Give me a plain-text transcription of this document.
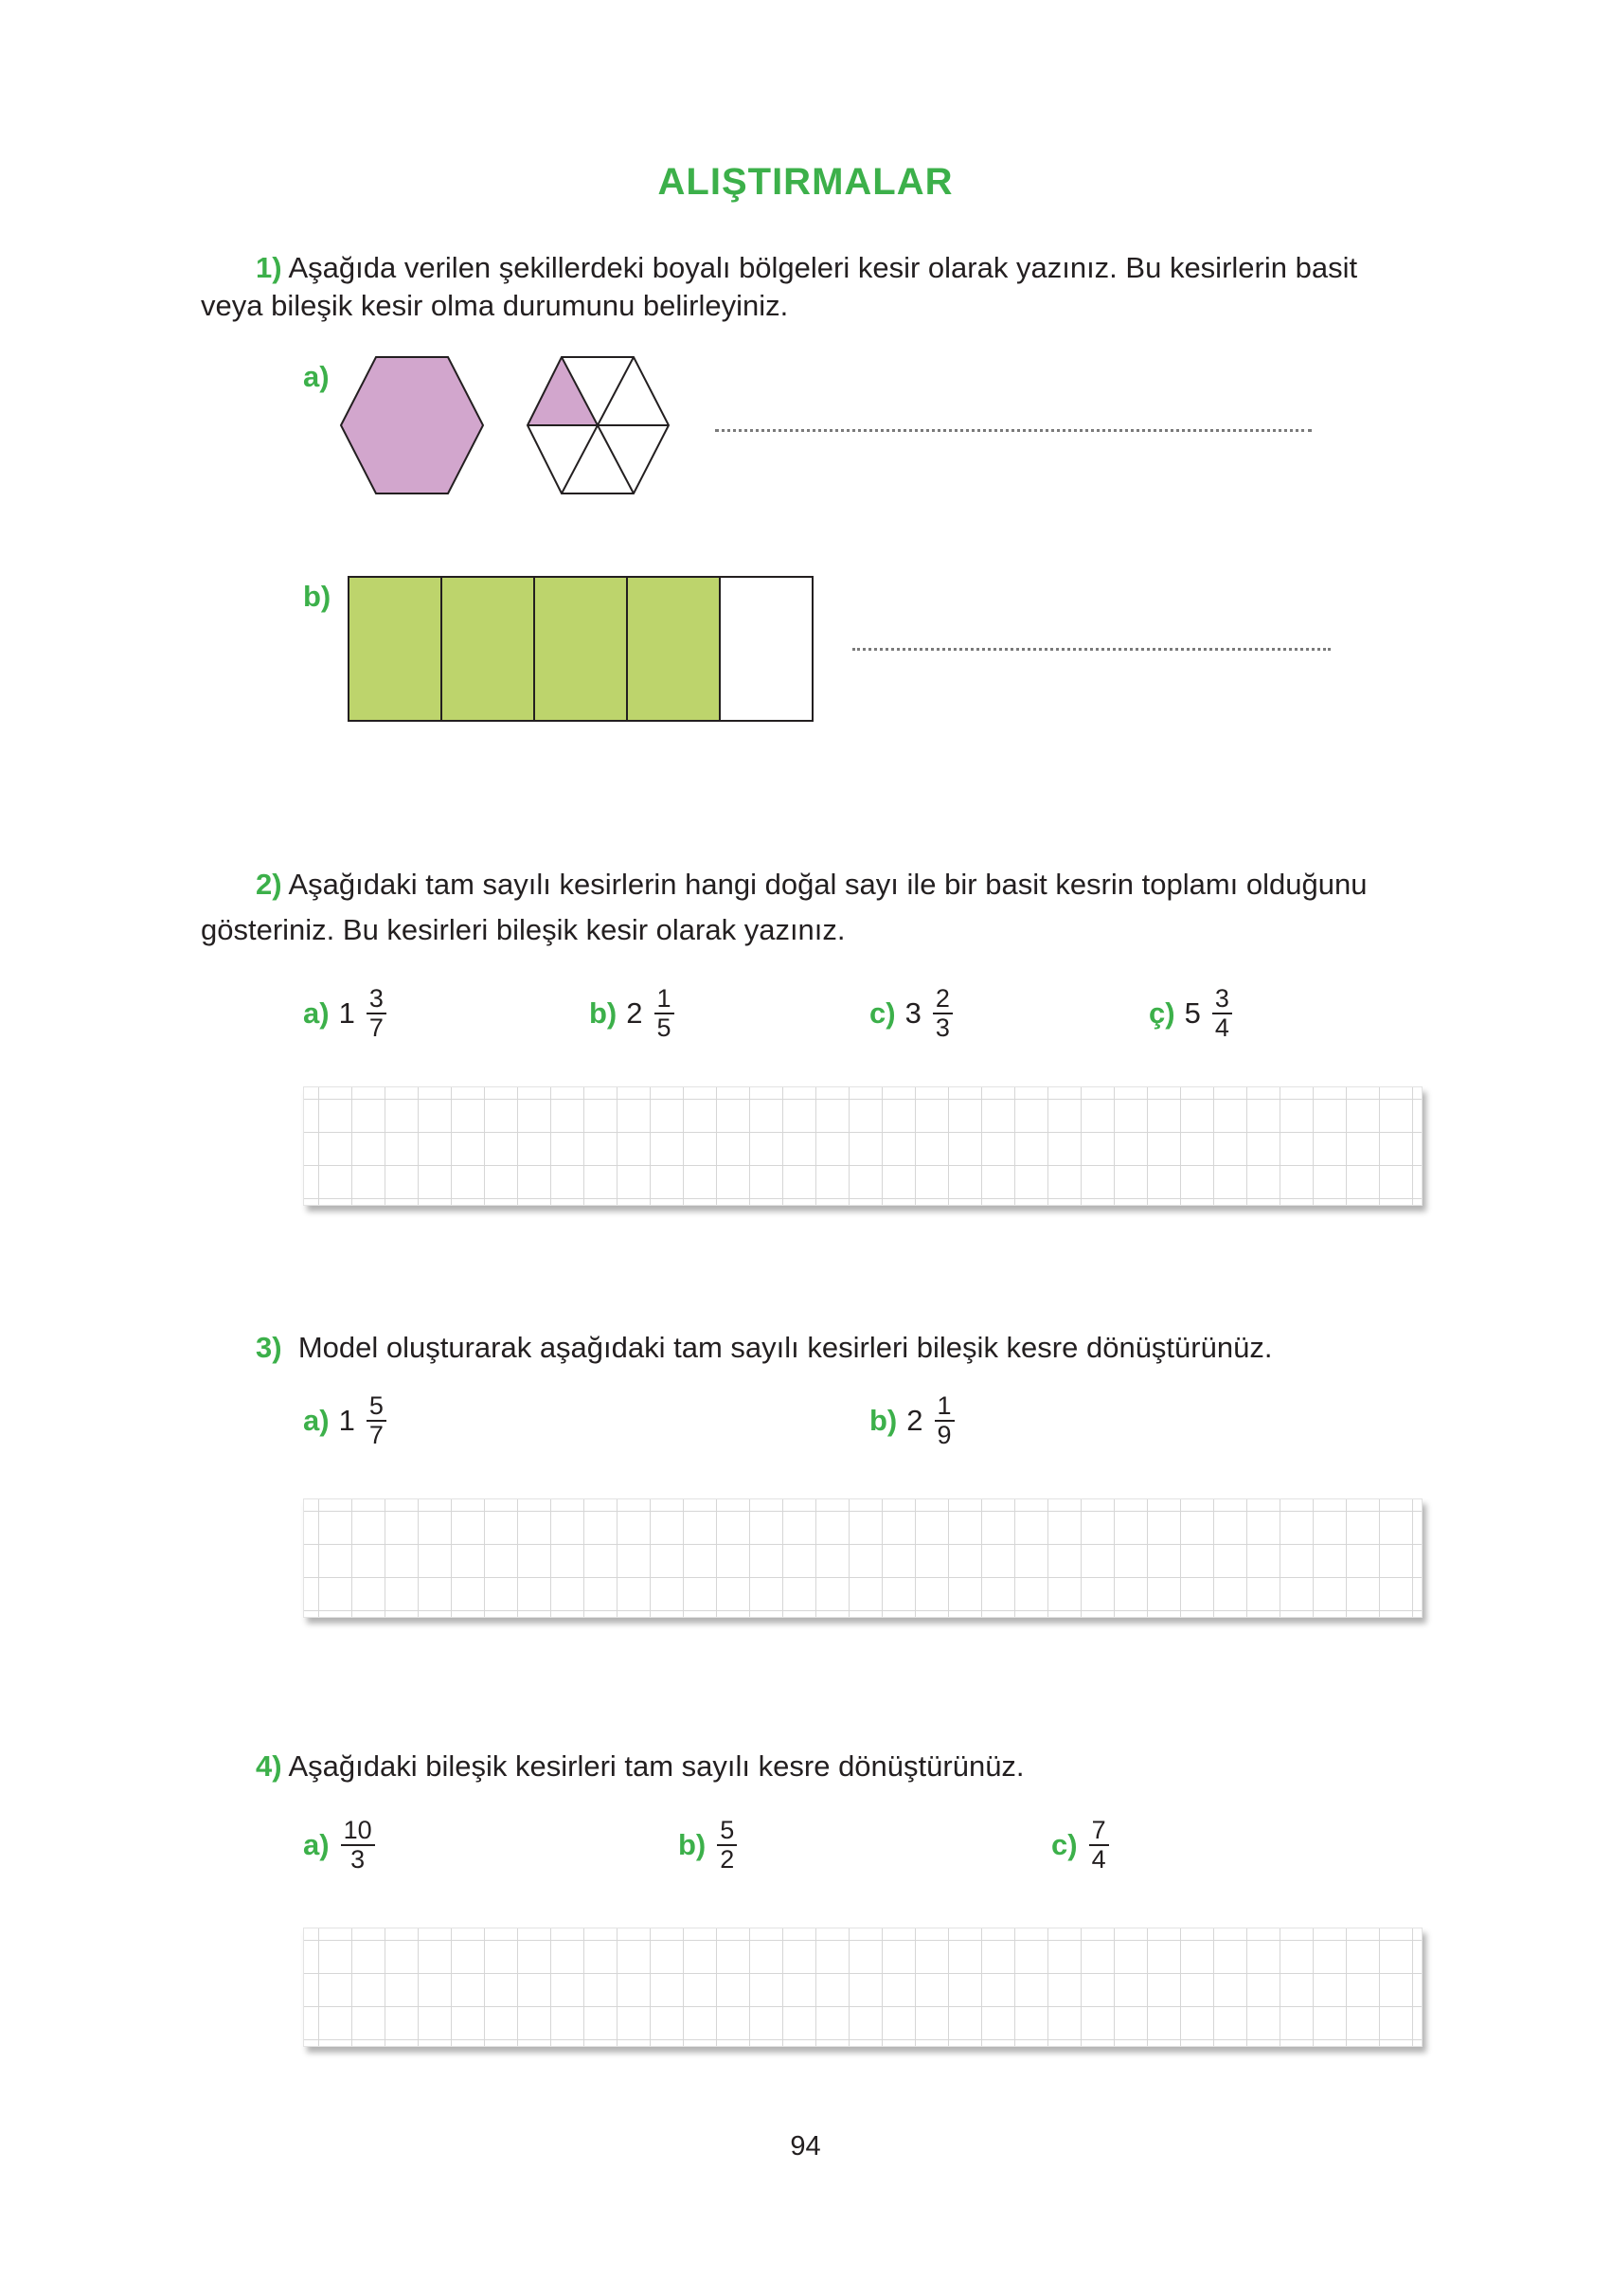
ALIŞTIRMALAR
1) Aşağıda verilen şekillerdeki boyalı bölgeleri kesir olarak yazınız. Bu kesirlerin basit
veya bileşik kesir olma durumunu belirleyiniz.
a)
b)
2) Aşağıdaki tam sayılı kesirlerin hangi doğal sayı ile bir basit kesrin toplamı olduğunu
gösteriniz. Bu kesirleri bileşik kesir olarak yazınız.
a) $1 \frac{3}{7}$	b) $2 \frac{1}{5}$	c) $3 \frac{2}{3}$	ç) $5 \frac{3}{4}$
3) Model oluşturarak aşağıdaki tam sayılı kesirleri bileşik kesre dönüştürünüz.
a) $1 \frac{5}{7}$	b) $2 \frac{1}{9}$
4) Aşağıdaki bileşik kesirleri tam sayılı kesre dönüştürünüz.
$a) \frac{10}{3}$	$b) \frac{5}{2}$	$c) \frac{7}{4}$
94
